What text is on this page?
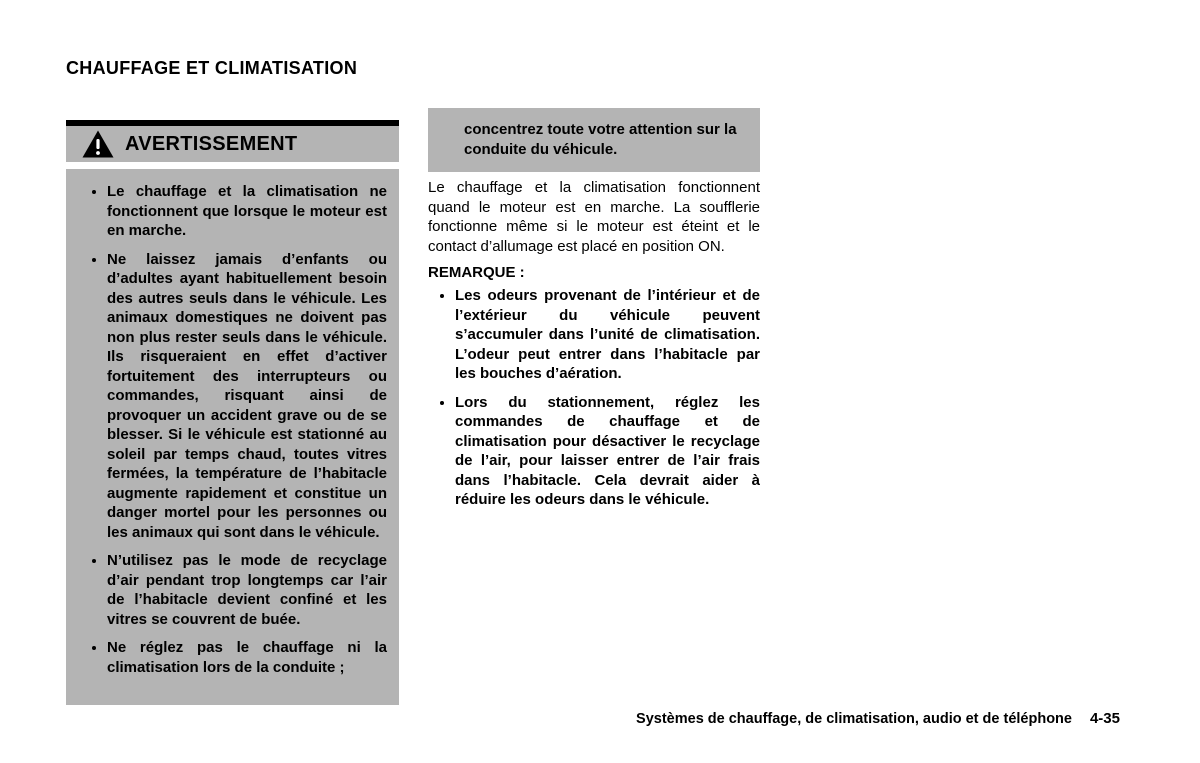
CHAUFFAGE ET CLIMATISATION
AVERTISSEMENT
• Le chauffage et la climatisation ne fonctionnent que lorsque le moteur est en marche.
• Ne laissez jamais d’enfants ou d’adultes ayant habituellement besoin des autres seuls dans le véhicule. Les animaux domestiques ne doivent pas non plus rester seuls dans le véhicule. Ils risqueraient en effet d’activer fortuitement des interrupteurs ou commandes, risquant ainsi de provoquer un accident grave ou de se blesser. Si le véhicule est stationné au soleil par temps chaud, toutes vitres fermées, la température de l’habitacle augmente rapidement et constitue un danger mortel pour les personnes ou les animaux qui sont dans le véhicule.
• N’utilisez pas le mode de recyclage d’air pendant trop longtemps car l’air de l’habitacle devient confiné et les vitres se couvrent de buée.
• Ne réglez pas le chauffage ni la climatisation lors de la conduite ;
concentrez toute votre attention sur la conduite du véhicule.

Le chauffage et la climatisation fonctionnent quand le moteur est en marche. La soufflerie fonctionne même si le moteur est éteint et le contact d’allumage est placé en position ON.

REMARQUE :
• Les odeurs provenant de l’intérieur et de l’extérieur du véhicule peuvent s’accumuler dans l’unité de climatisation. L’odeur peut entrer dans l’habitacle par les bouches d’aération.
• Lors du stationnement, réglez les commandes de chauffage et de climatisation pour désactiver le recyclage de l’air, pour laisser entrer de l’air frais dans l’habitacle. Cela devrait aider à réduire les odeurs dans le véhicule.
Systèmes de chauffage, de climatisation, audio et de téléphone 4-35
